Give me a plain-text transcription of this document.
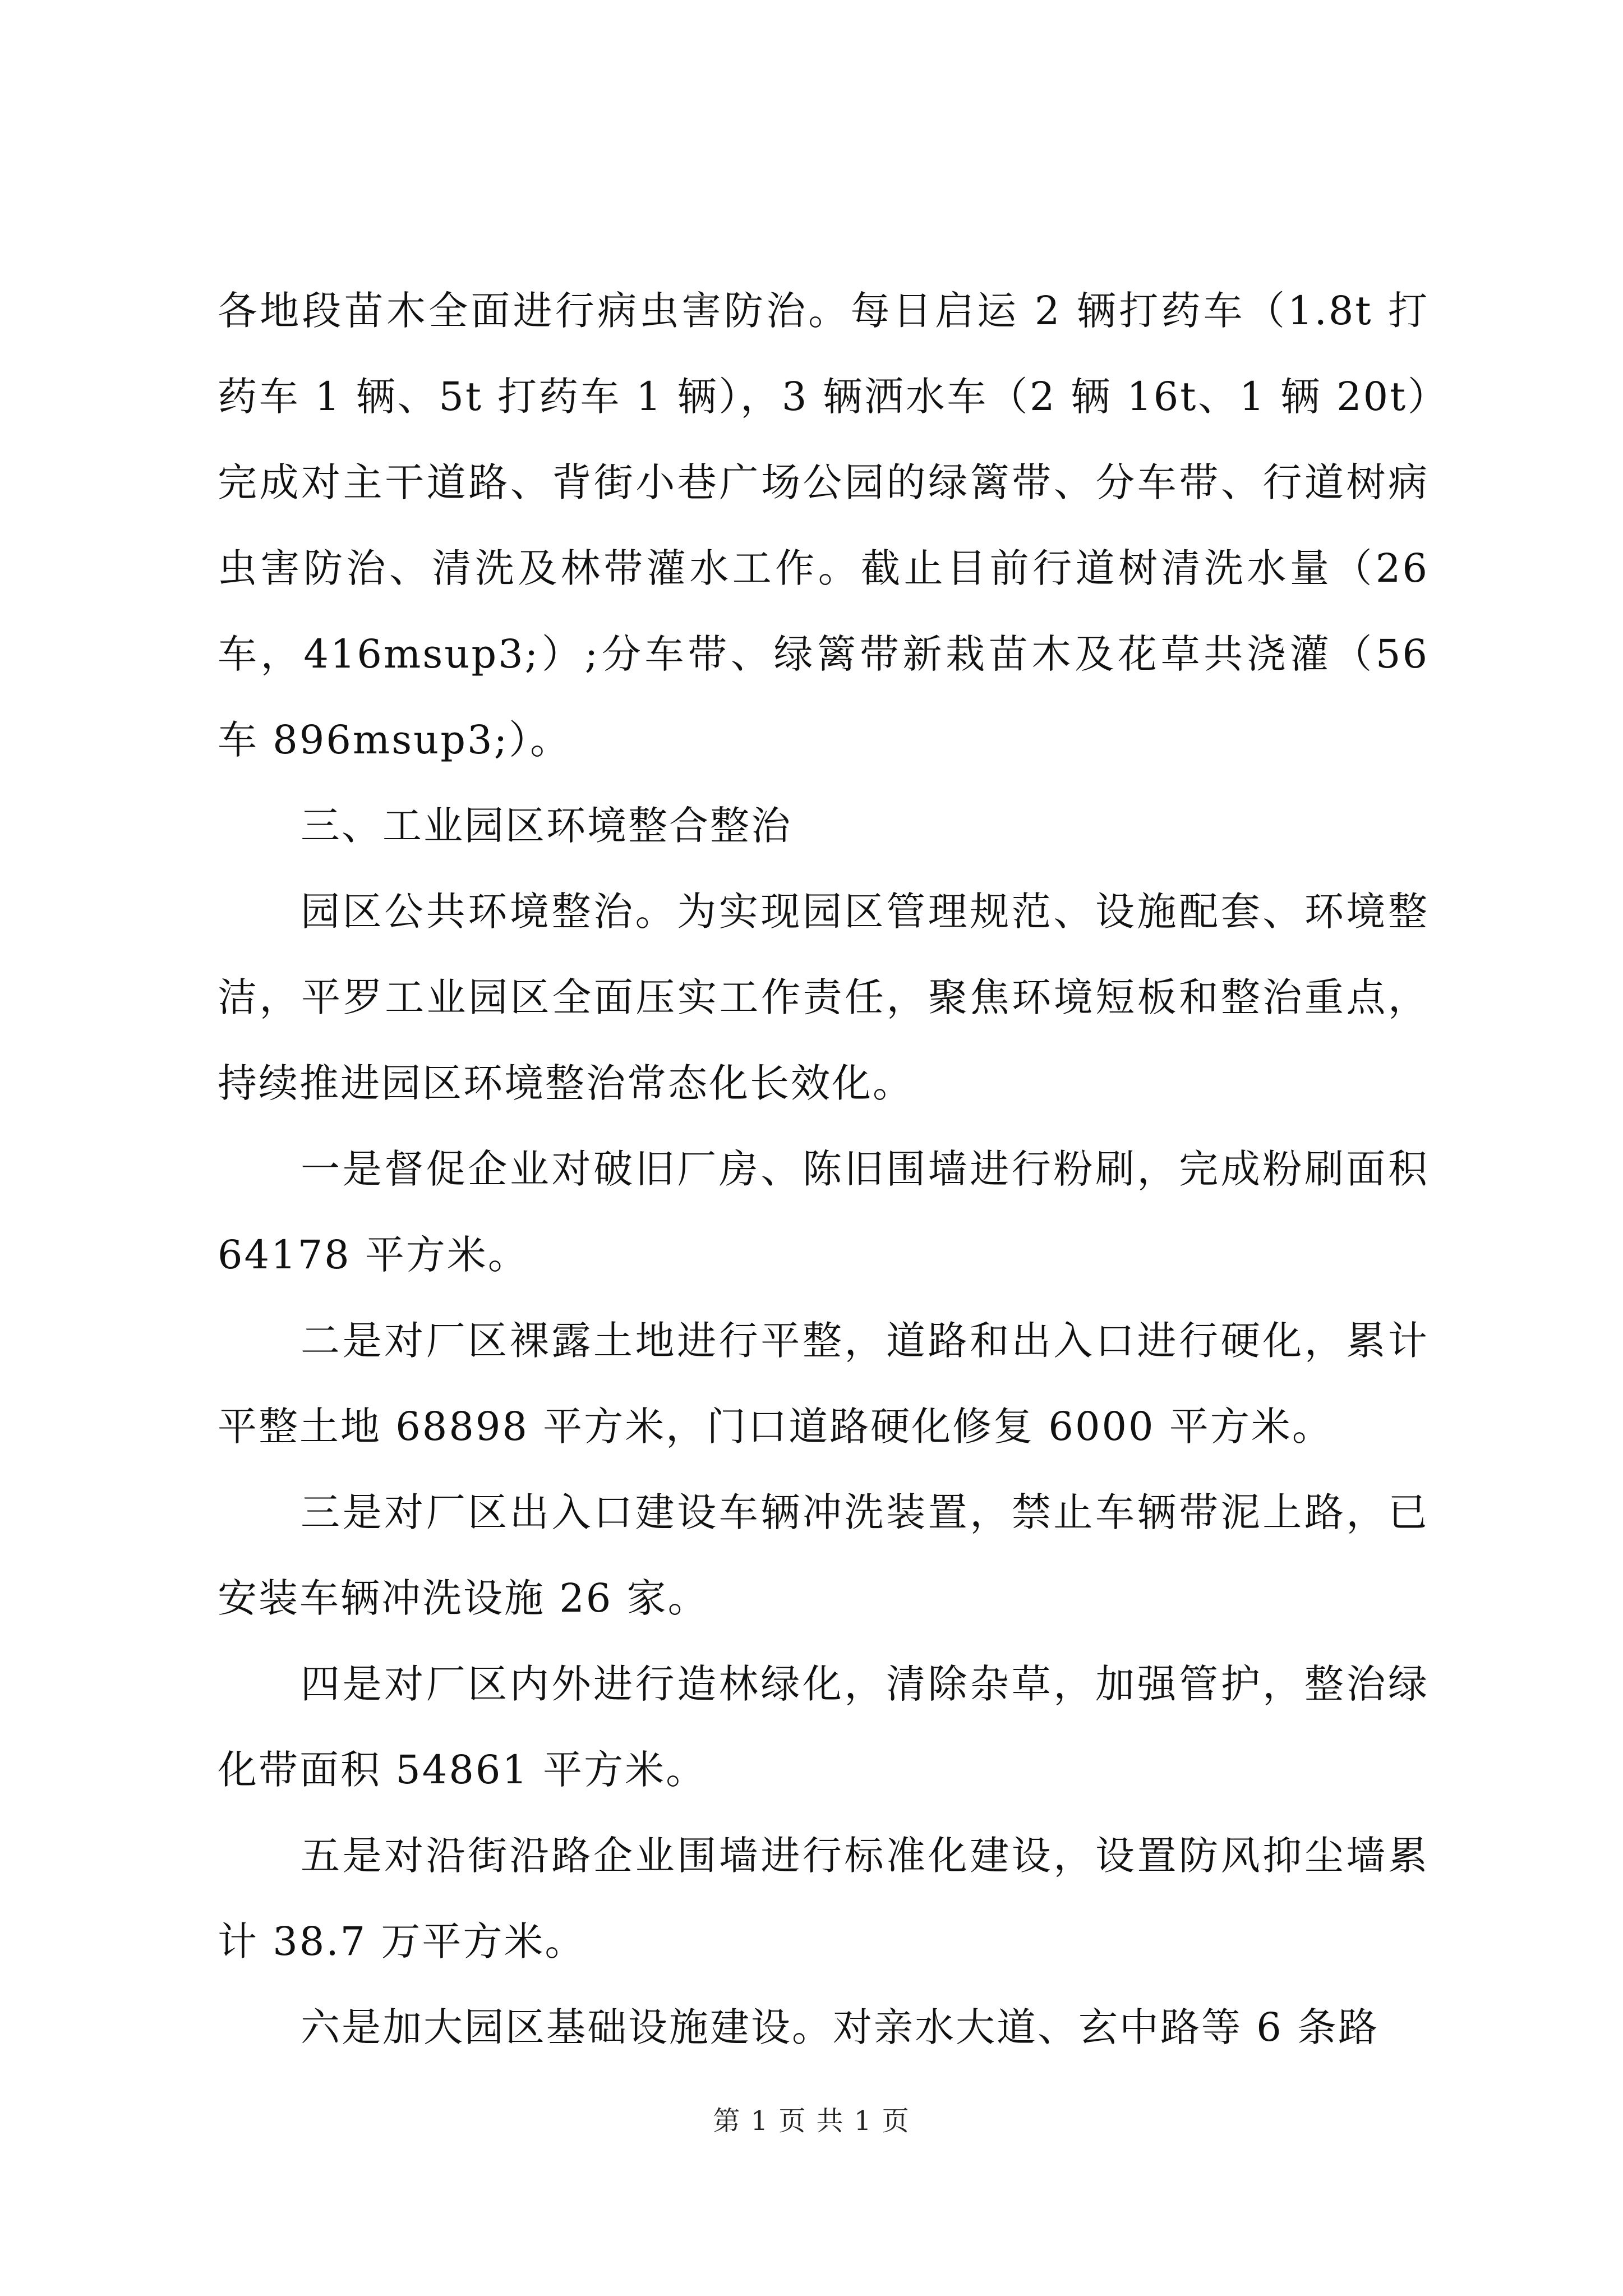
各地段苗木全面进行病虫害防治。每日启运 2 辆打药车（1.8t 打药车 1 辆、5t 打药车 1 辆），3 辆洒水车（2 辆 16t、1 辆 20t）完成对主干道路、背街小巷广场公园的绿篱带、分车带、行道树病虫害防治、清洗及林带灌水工作。截止目前行道树清洗水量（26 车，416msup3;）;分车带、绿篱带新栽苗木及花草共浇灌（56 车 896msup3;）。

三、工业园区环境整合整治

园区公共环境整治。为实现园区管理规范、设施配套、环境整洁，平罗工业园区全面压实工作责任，聚焦环境短板和整治重点，持续推进园区环境整治常态化长效化。

一是督促企业对破旧厂房、陈旧围墙进行粉刷，完成粉刷面积 64178 平方米。

二是对厂区裸露土地进行平整，道路和出入口进行硬化，累计平整土地 68898 平方米，门口道路硬化修复 6000 平方米。

三是对厂区出入口建设车辆冲洗装置，禁止车辆带泥上路，已安装车辆冲洗设施 26 家。

四是对厂区内外进行造林绿化，清除杂草，加强管护，整治绿化带面积 54861 平方米。

五是对沿街沿路企业围墙进行标准化建设，设置防风抑尘墙累计 38.7 万平方米。

六是加大园区基础设施建设。对亲水大道、玄中路等 6 条路

第 1 页 共 1 页
